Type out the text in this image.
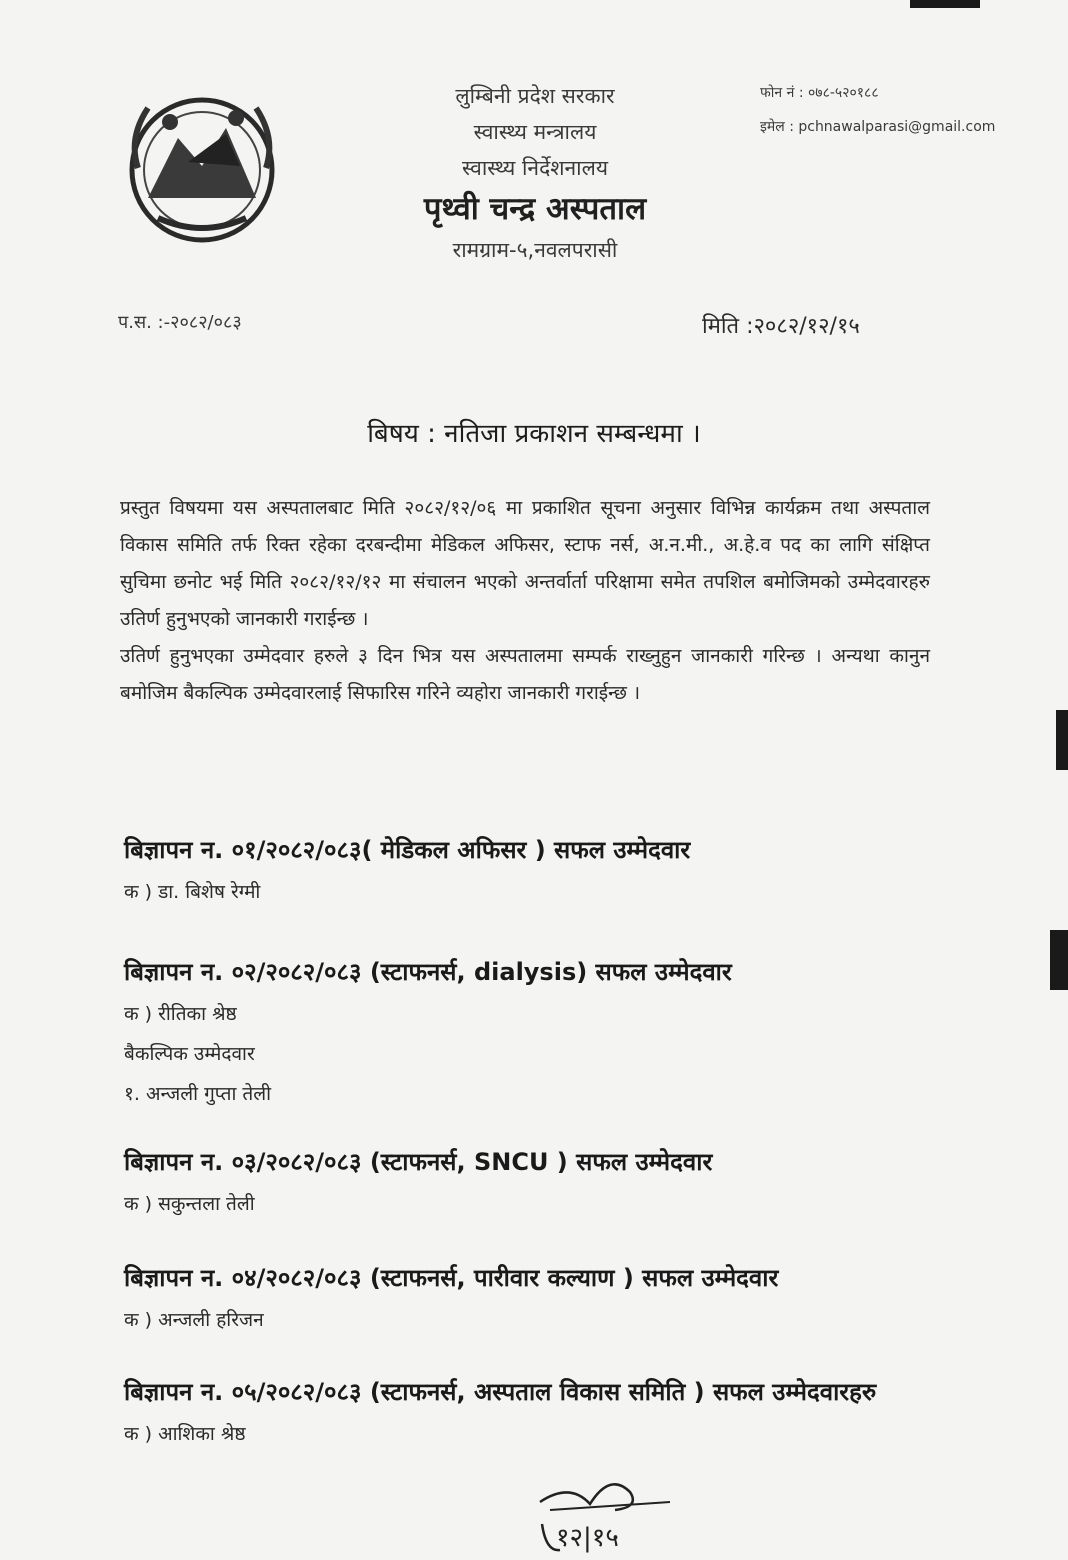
लुम्बिनी प्रदेश सरकार
स्वास्थ्य मन्त्रालय
स्वास्थ्य निर्देशनालय
पृथ्वी चन्द्र अस्पताल
रामग्राम-५,नवलपरासी
फोन नं : ०७८-५२०१८८
इमेल : pchnawalparasi@gmail.com
प.स. :-२०८२/०८३	मिति :२०८२/१२/१५
बिषय : नतिजा प्रकाशन सम्बन्धमा ।

प्रस्तुत विषयमा यस अस्पतालबाट मिति २०८२/१२/०६ मा प्रकाशित सूचना अनुसार विभिन्न कार्यक्रम तथा अस्पताल विकास समिति तर्फ रिक्त रहेका दरबन्दीमा मेडिकल अफिसर, स्टाफ नर्स, अ.न.मी., अ.हे.व पद का लागि संक्षिप्त सुचिमा छनोट भई मिति २०८२/१२/१२ मा संचालन भएको अन्तर्वार्ता परिक्षामा समेत तपशिल बमोजिमको उम्मेदवारहरु उतिर्ण हुनुभएको जानकारी गराईन्छ ।

उतिर्ण हुनुभएका उम्मेदवार हरुले ३ दिन भित्र यस अस्पतालमा सम्पर्क राख्नुहुन जानकारी गरिन्छ । अन्यथा कानुन बमोजिम बैकल्पिक उम्मेदवारलाई सिफारिस गरिने व्यहोरा जानकारी गराईन्छ ।

बिज्ञापन न. ०१/२०८२/०८३( मेडिकल अफिसर ) सफल उम्मेदवार
क ) डा. बिशेष रेग्मी
बिज्ञापन न. ०२/२०८२/०८३ (स्टाफनर्स, dialysis) सफल उम्मेदवार
क ) रीतिका श्रेष्ठ
बैकल्पिक उम्मेदवार
१. अन्जली गुप्ता तेली
बिज्ञापन न. ०३/२०८२/०८३ (स्टाफनर्स, SNCU ) सफल उम्मेदवार
क ) सकुन्तला तेली
बिज्ञापन न. ०४/२०८२/०८३ (स्टाफनर्स, पारीवार कल्याण ) सफल उम्मेदवार
क ) अन्जली हरिजन
बिज्ञापन न. ०५/२०८२/०८३ (स्टाफनर्स, अस्पताल विकास समिति ) सफल उम्मेदवारहरु
क ) आशिका श्रेष्ठ
१२|१५
